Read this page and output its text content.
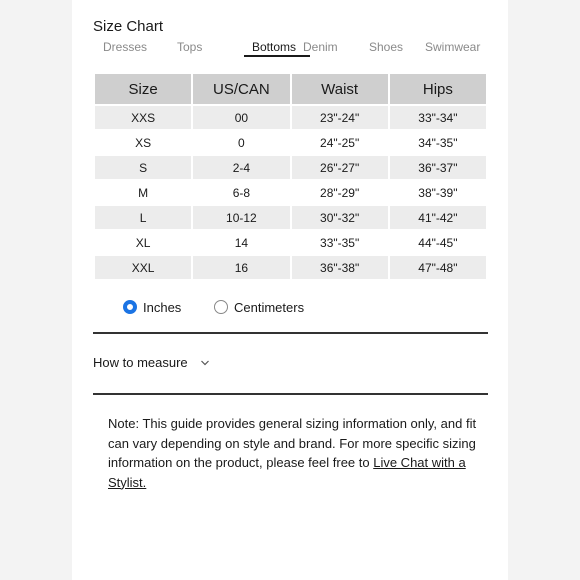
Size Chart
Dresses Tops	Bottoms Denim	Shoes Swimwear
Size	US/CAN	Waist	Hips
XXS	00	23"-24"	33"-34"
XS	0	24"-25"	34"-35"
S	2-4	26"-27"	36"-37"
M	6-8	28"-29"	38"-39"
L	10-12	30"-32"	41"-42"
XL	14	33"-35"	44"-45"
XXL	16	36"-38"	47"-48"
Inches	Centimeters
How to measure
Note: This guide provides general sizing information only, and fit can vary depending on style and brand. For more specific sizing information on the product, please feel free to Live Chat with a Stylist.
